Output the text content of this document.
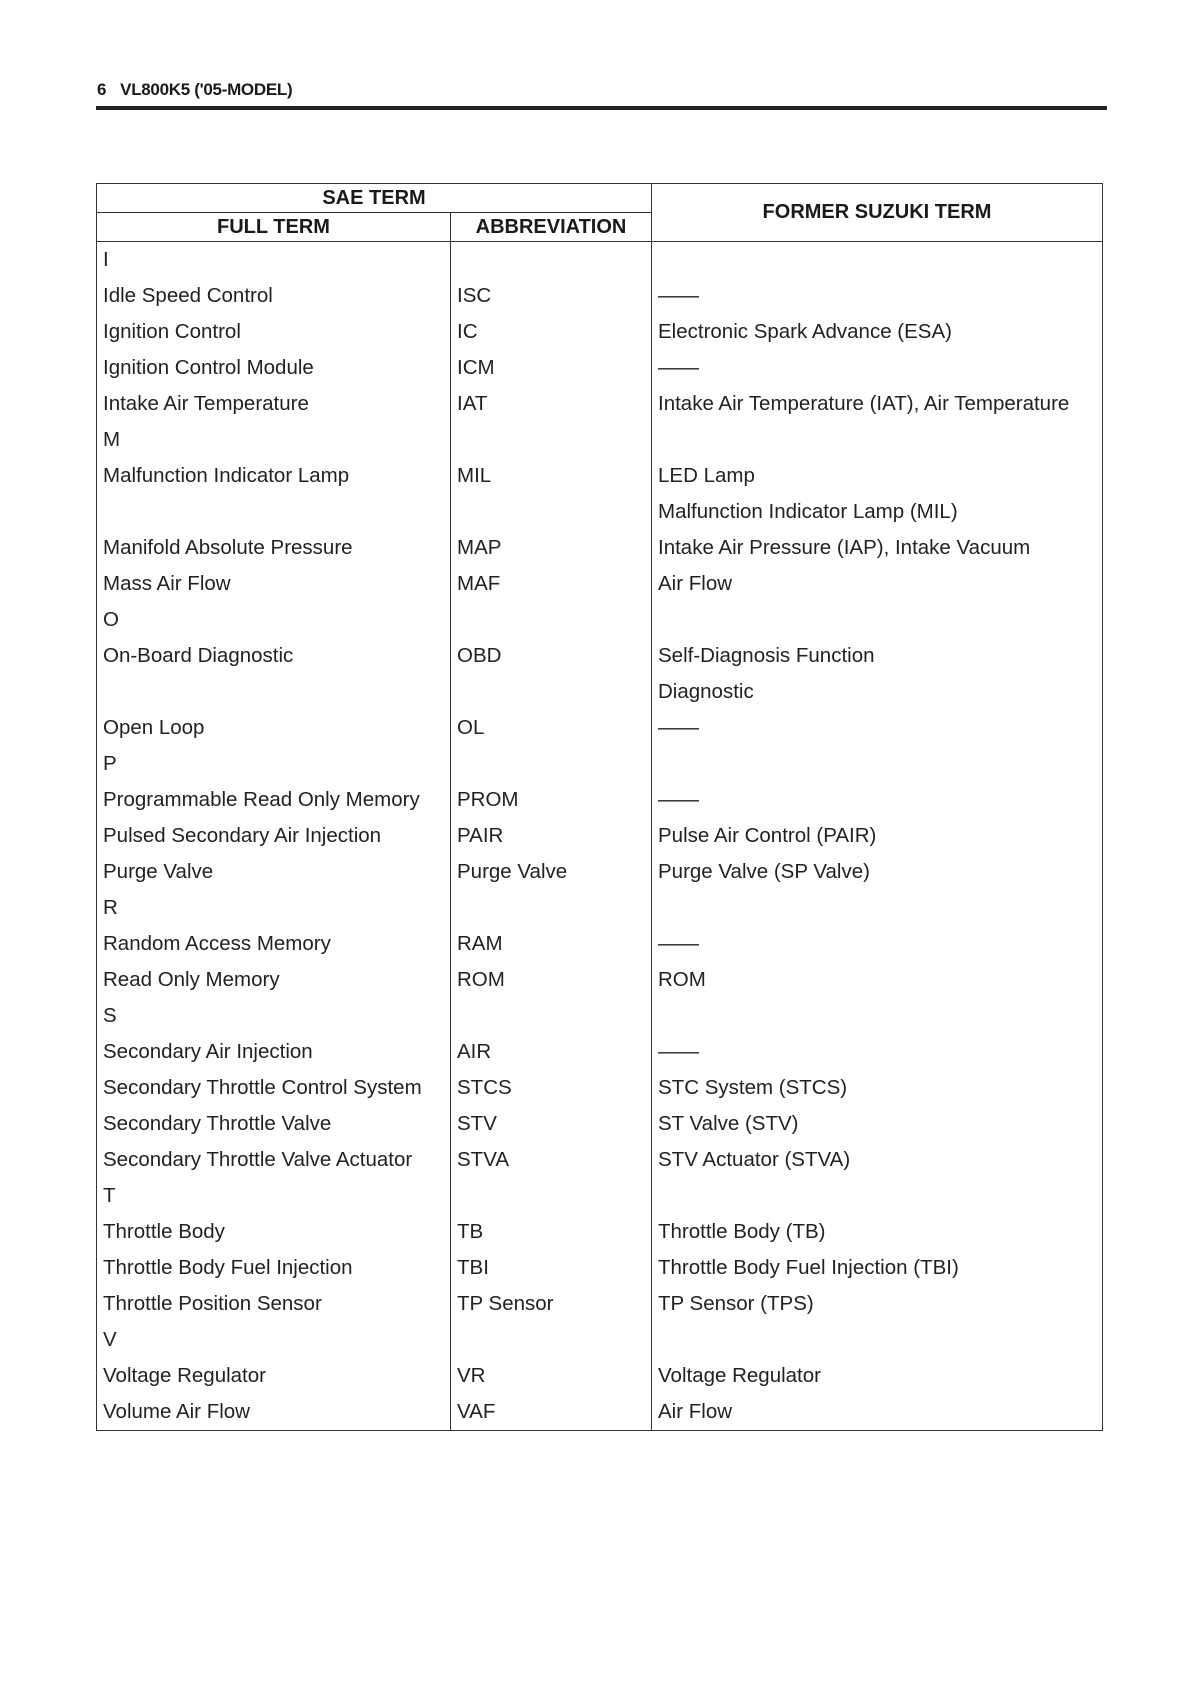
6 VL800K5 ('05-MODEL)
SAE TERM		FORMER SUZUKI TERM
FULL TERM	ABBREVIATION	
I		
Idle Speed Control	ISC	——
Ignition Control	IC	Electronic Spark Advance (ESA)
Ignition Control Module	ICM	——
Intake Air Temperature	IAT	Intake Air Temperature (IAT), Air Temperature
M		
Malfunction Indicator Lamp	MIL	LED Lamp
		Malfunction Indicator Lamp (MIL)
Manifold Absolute Pressure	MAP	Intake Air Pressure (IAP), Intake Vacuum
Mass Air Flow	MAF	Air Flow
O		
On-Board Diagnostic	OBD	Self-Diagnosis Function
		Diagnostic
Open Loop	OL	——
P		
Programmable Read Only Memory	PROM	——
Pulsed Secondary Air Injection	PAIR	Pulse Air Control (PAIR)
Purge Valve	Purge Valve	Purge Valve (SP Valve)
R		
Random Access Memory	RAM	——
Read Only Memory	ROM	ROM
S		
Secondary Air Injection	AIR	——
Secondary Throttle Control System	STCS	STC System (STCS)
Secondary Throttle Valve	STV	ST Valve (STV)
Secondary Throttle Valve Actuator	STVA	STV Actuator (STVA)
T		
Throttle Body	TB	Throttle Body (TB)
Throttle Body Fuel Injection	TBI	Throttle Body Fuel Injection (TBI)
Throttle Position Sensor	TP Sensor	TP Sensor (TPS)
V		
Voltage Regulator	VR	Voltage Regulator
Volume Air Flow	VAF	Air Flow
